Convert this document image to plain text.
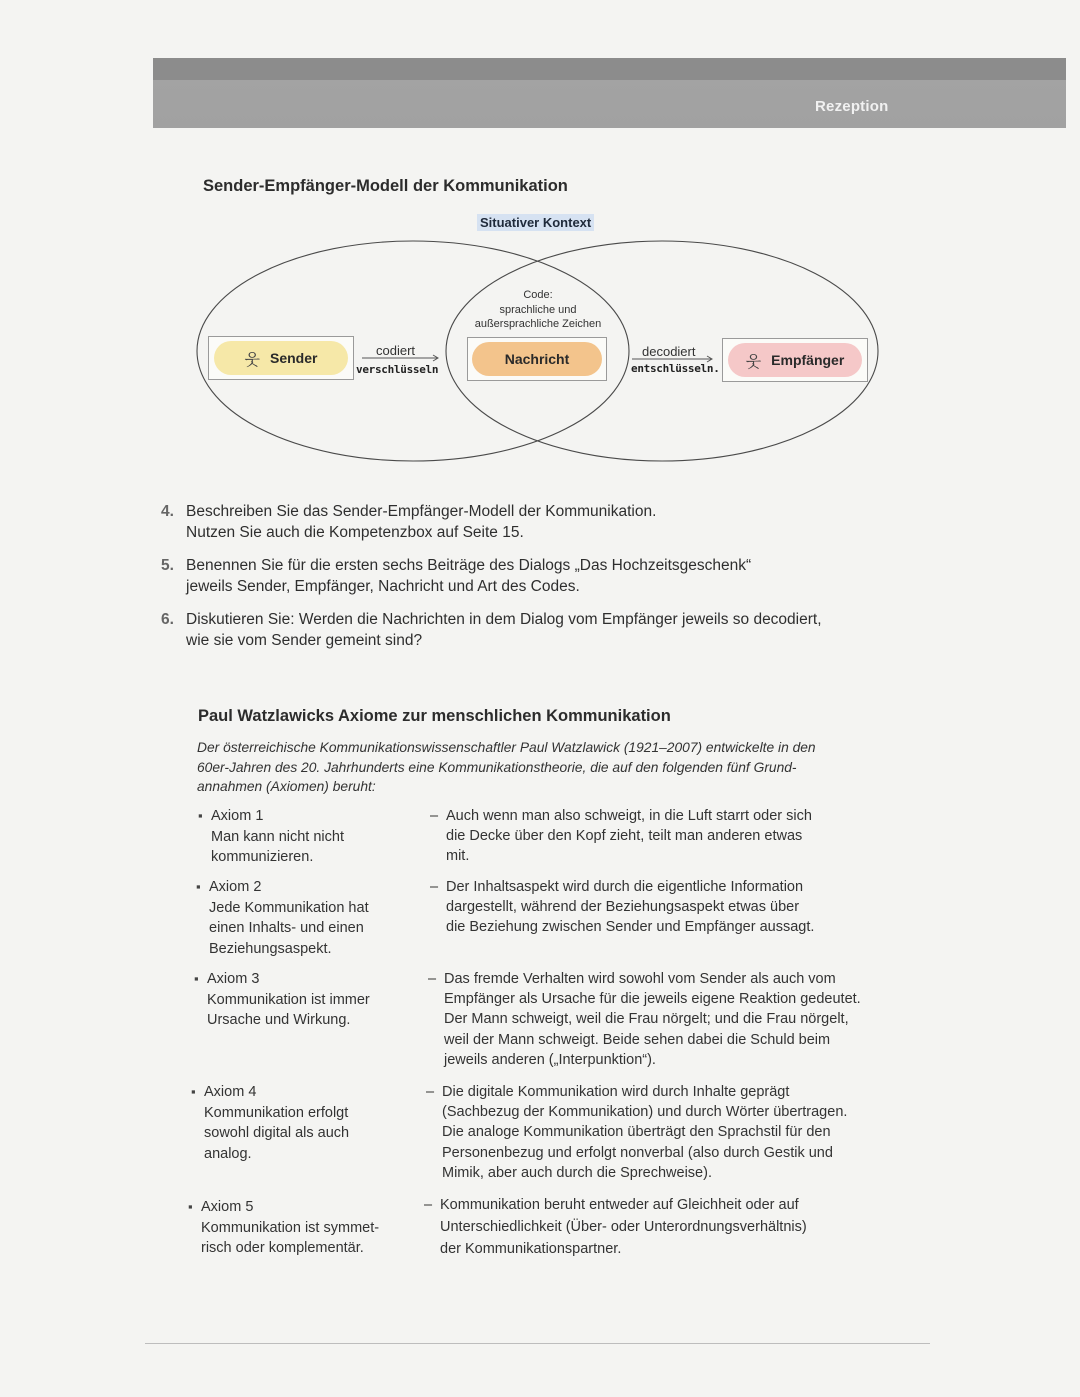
Rezeption
Sender-Empfänger-Modell der Kommunikation
Situativer Kontext
Code:
sprachliche und
außersprachliche Zeichen
웃 Sender	Nachricht	웃 Empfänger
codiert
verschlüsseln
decodiert
entschlüsseln.
4. Beschreiben Sie das Sender-Empfänger-Modell der Kommunikation.
Nutzen Sie auch die Kompetenzbox auf Seite 15.
5. Benennen Sie für die ersten sechs Beiträge des Dialogs „Das Hochzeitsgeschenk“
jeweils Sender, Empfänger, Nachricht und Art des Codes.
6. Diskutieren Sie: Werden die Nachrichten in dem Dialog vom Empfänger jeweils so decodiert,
wie sie vom Sender gemeint sind?
Paul Watzlawicks Axiome zur menschlichen Kommunikation
Der österreichische Kommunikationswissenschaftler Paul Watzlawick (1921–2007) entwickelte in den
60er-Jahren des 20. Jahrhunderts eine Kommunikationstheorie, die auf den folgenden fünf Grund-
annahmen (Axiomen) beruht:
▪ Axiom 1
Man kann nicht nicht
kommunizieren.
– Auch wenn man also schweigt, in die Luft starrt oder sich
die Decke über den Kopf zieht, teilt man anderen etwas
mit.
▪ Axiom 2
Jede Kommunikation hat
einen Inhalts- und einen
Beziehungsaspekt.
– Der Inhaltsaspekt wird durch die eigentliche Information
dargestellt, während der Beziehungsaspekt etwas über
die Beziehung zwischen Sender und Empfänger aussagt.
▪ Axiom 3
Kommunikation ist immer
Ursache und Wirkung.
– Das fremde Verhalten wird sowohl vom Sender als auch vom
Empfänger als Ursache für die jeweils eigene Reaktion gedeutet.
Der Mann schweigt, weil die Frau nörgelt; und die Frau nörgelt,
weil der Mann schweigt. Beide sehen dabei die Schuld beim
jeweils anderen („Interpunktion“).
▪ Axiom 4
Kommunikation erfolgt
sowohl digital als auch
analog.
– Die digitale Kommunikation wird durch Inhalte geprägt
(Sachbezug der Kommunikation) und durch Wörter übertragen.
Die analoge Kommunikation überträgt den Sprachstil für den
Personenbezug und erfolgt nonverbal (also durch Gestik und
Mimik, aber auch durch die Sprechweise).
▪ Axiom 5
Kommunikation ist symmet-
risch oder komplementär.
– Kommunikation beruht entweder auf Gleichheit oder auf
Unterschiedlichkeit (Über- oder Unterordnungsverhältnis)
der Kommunikationspartner.
